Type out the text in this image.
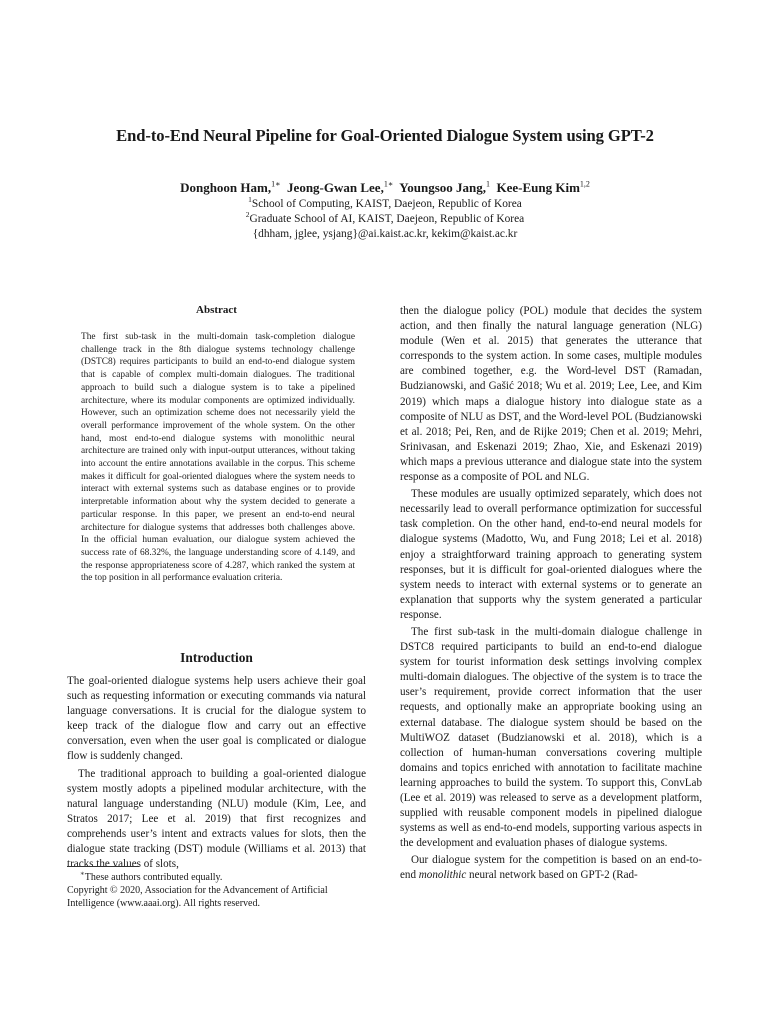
End-to-End Neural Pipeline for Goal-Oriented Dialogue System using GPT-2
Donghoon Ham,$^{1∗}$ Jeong-Gwan Lee,$^{1∗}$ Youngsoo Jang,$^1$ Kee-Eung Kim$^{1,2}$
$^1$School of Computing, KAIST, Daejeon, Republic of Korea
$^2$Graduate School of AI, KAIST, Daejeon, Republic of Korea
{dhham, jglee, ysjang}@ai.kaist.ac.kr, kekim@kaist.ac.kr
Abstract

The first sub-task in the multi-domain task-completion dialogue challenge track in the 8th dialogue systems technology challenge (DSTC8) requires participants to build an end-to-end dialogue system that is capable of complex multi-domain dialogues. The traditional approach to build such a dialogue system is to take a pipelined architecture, where its modular components are optimized individually. However, such an optimization scheme does not necessarily yield the overall performance improvement of the whole system. On the other hand, most end-to-end dialogue systems with monolithic neural architecture are trained only with input-output utterances, without taking into account the entire annotations available in the corpus. This scheme makes it difficult for goal-oriented dialogues where the system needs to interact with external systems such as database engines or to provide interpretable information about why the system decided to generate a particular response. In this paper, we present an end-to-end neural architecture for dialogue systems that addresses both challenges above. In the official human evaluation, our dialogue system achieved the success rate of 68.32%, the language understanding score of 4.149, and the response appropriateness score of 4.287, which ranked the system at the top position in all performance evaluation criteria.

Introduction

The goal-oriented dialogue systems help users achieve their goal such as requesting information or executing commands via natural language conversations. It is crucial for the dialogue system to keep track of the dialogue flow and carry out an effective conversation, even when the user goal is complicated or dialogue flow is suddenly changed.

The traditional approach to building a goal-oriented dialogue system mostly adopts a pipelined modular architecture, with the natural language understanding (NLU) module (Kim, Lee, and Stratos 2017; Lee et al. 2019) that first recognizes and comprehends user’s intent and extracts values for slots, then the dialogue state tracking (DST) module (Williams et al. 2013) that tracks the values of slots,

∗These authors contributed equally.

Copyright © 2020, Association for the Advancement of Artificial Intelligence (www.aaai.org). All rights reserved.

then the dialogue policy (POL) module that decides the system action, and then finally the natural language generation (NLG) module (Wen et al. 2015) that generates the utterance that corresponds to the system action. In some cases, multiple modules are combined together, e.g. the Word-level DST (Ramadan, Budzianowski, and Gašić 2018; Wu et al. 2019; Lee, Lee, and Kim 2019) which maps a dialogue history into dialogue state as a composite of NLU as DST, and the Word-level POL (Budzianowski et al. 2018; Pei, Ren, and de Rijke 2019; Chen et al. 2019; Mehri, Srinivasan, and Eskenazi 2019; Zhao, Xie, and Eskenazi 2019) which maps a previous utterance and dialogue state into the system response as a composite of POL and NLG.

These modules are usually optimized separately, which does not necessarily lead to overall performance optimization for successful task completion. On the other hand, end-to-end neural models for dialogue systems (Madotto, Wu, and Fung 2018; Lei et al. 2018) enjoy a straightforward training approach to generating system responses, but it is difficult for goal-oriented dialogues where the system needs to interact with external systems or to generate an explanation that supports why the system generated a particular response.

The first sub-task in the multi-domain dialogue challenge in DSTC8 required participants to build an end-to-end dialogue system for tourist information desk settings involving complex multi-domain dialogues. The objective of the system is to trace the user’s requirement, provide correct information that the user requests, and optionally make an appropriate booking using an external database. The dialogue system should be based on the MultiWOZ dataset (Budzianowski et al. 2018), which is a collection of human-human conversations covering multiple domains and topics enriched with annotation to facilitate machine learning approaches to build the system. To support this, ConvLab (Lee et al. 2019) was released to serve as a development platform, supplied with reusable component models in pipelined dialogue systems as well as end-to-end models, supporting various aspects in the development and evaluation phases of dialogue systems.

Our dialogue system for the competition is based on an end-to-end monolithic neural network based on GPT-2 (Rad-
